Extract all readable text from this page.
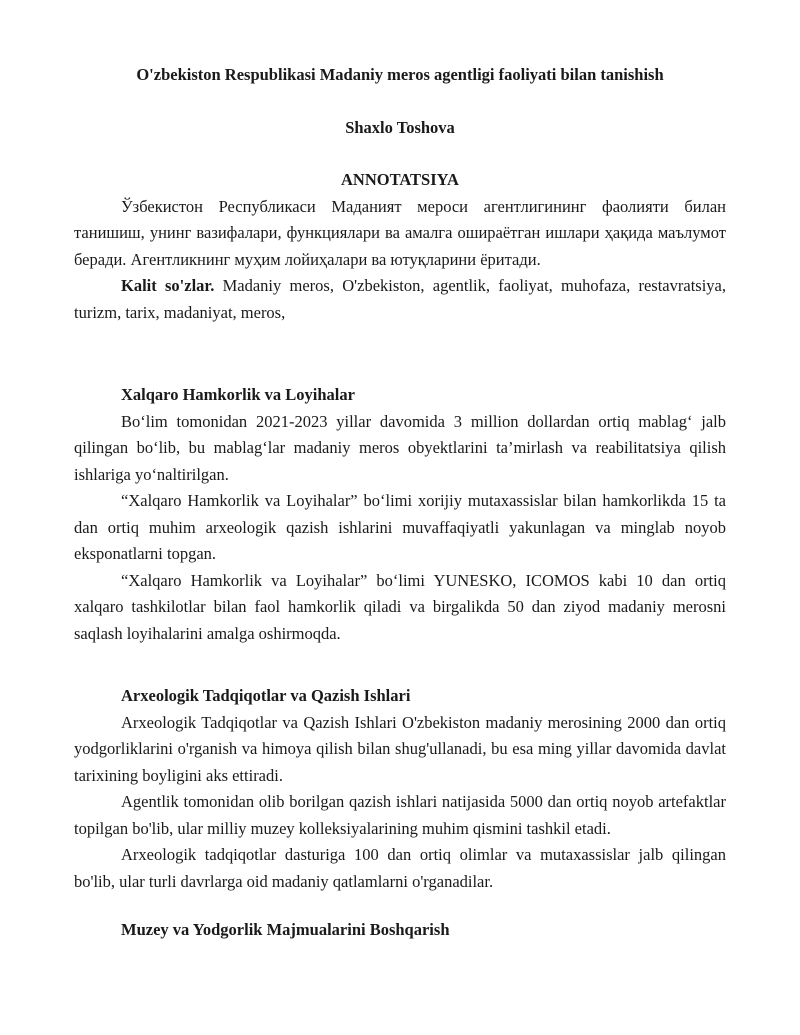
O'zbekiston Respublikasi Madaniy meros agentligi faoliyati bilan tanishish

Shaxlo Toshova

ANNOTATSIYA

Ўзбекистон Республикаси Маданият мероси агентлигининг фаолияти билан танишиш, унинг вазифалари, функциялари ва амалга ошираётган ишлари ҳақида маълумот беради. Агентликнинг муҳим лойиҳалари ва ютуқларини ёритади.

Kalit so'zlar. Madaniy meros, O'zbekiston, agentlik, faoliyat, muhofaza, restavratsiya, turizm, tarix, madaniyat, meros,

Xalqaro Hamkorlik va Loyihalar

Bo‘lim tomonidan 2021-2023 yillar davomida 3 million dollardan ortiq mablag‘ jalb qilingan bo‘lib, bu mablag‘lar madaniy meros obyektlarini ta’mirlash va reabilitatsiya qilish ishlariga yo‘naltirilgan.

“Xalqaro Hamkorlik va Loyihalar” bo‘limi xorijiy mutaxassislar bilan hamkorlikda 15 ta dan ortiq muhim arxeologik qazish ishlarini muvaffaqiyatli yakunlagan va minglab noyob eksponatlarni topgan.

“Xalqaro Hamkorlik va Loyihalar” bo‘limi YUNESKO, ICOMOS kabi 10 dan ortiq xalqaro tashkilotlar bilan faol hamkorlik qiladi va birgalikda 50 dan ziyod madaniy merosni saqlash loyihalarini amalga oshirmoqda.

Arxeologik Tadqiqotlar va Qazish Ishlari

Arxeologik Tadqiqotlar va Qazish Ishlari O'zbekiston madaniy merosining 2000 dan ortiq yodgorliklarini o'rganish va himoya qilish bilan shug'ullanadi, bu esa ming yillar davomida davlat tarixining boyligini aks ettiradi.

Agentlik tomonidan olib borilgan qazish ishlari natijasida 5000 dan ortiq noyob artefaktlar topilgan bo'lib, ular milliy muzey kolleksiyalarining muhim qismini tashkil etadi.

Arxeologik tadqiqotlar dasturiga 100 dan ortiq olimlar va mutaxassislar jalb qilingan bo'lib, ular turli davrlarga oid madaniy qatlamlarni o'rganadilar.

Muzey va Yodgorlik Majmualarini Boshqarish
